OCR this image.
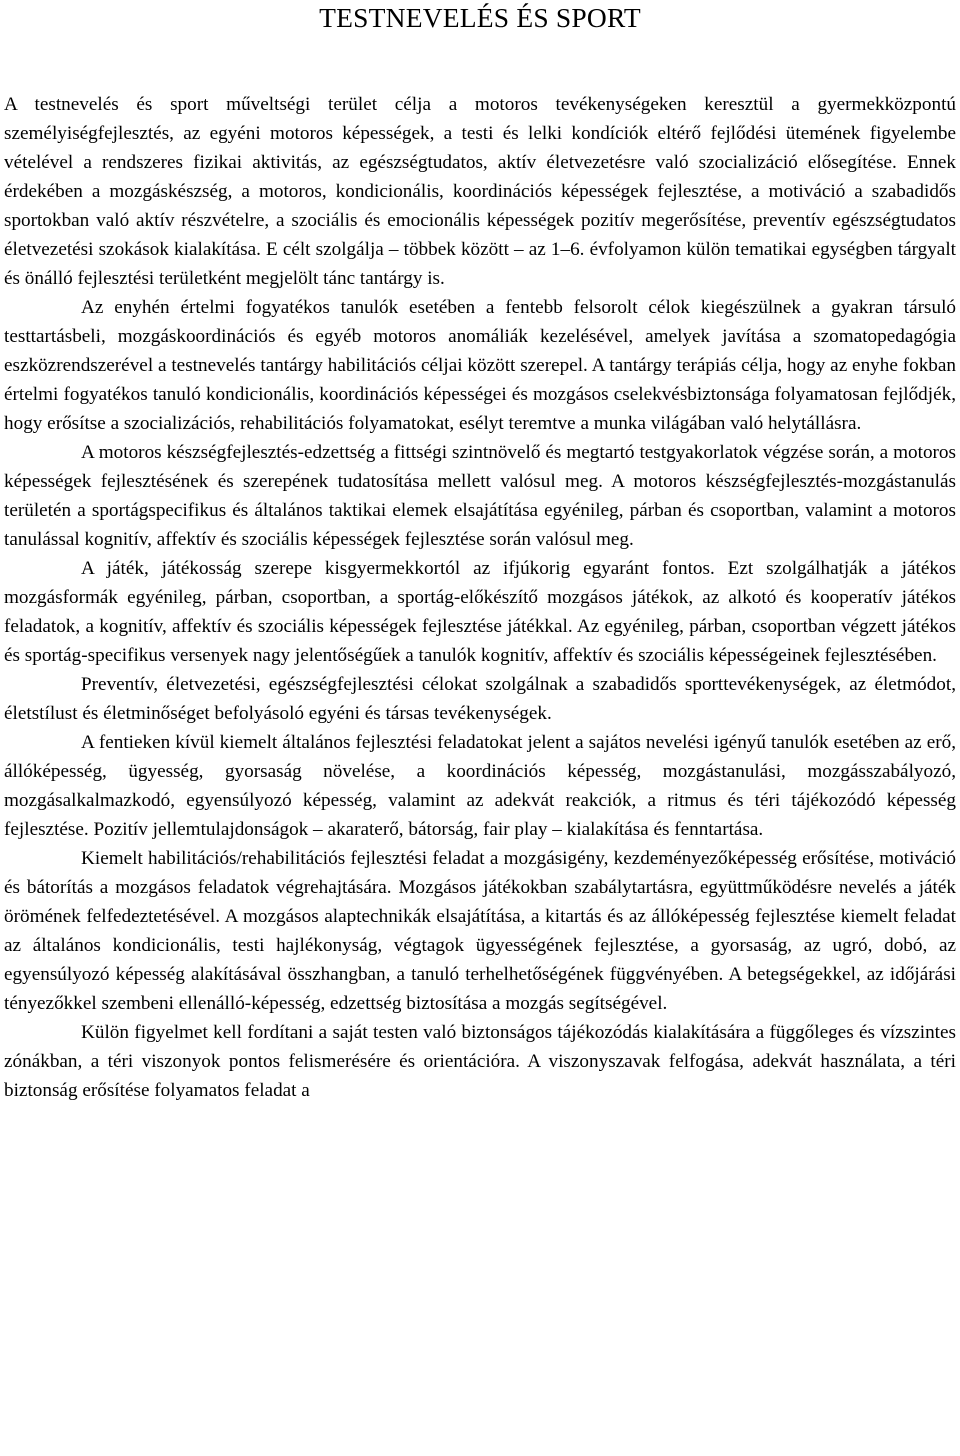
TESTNEVELÉS ÉS SPORT

A testnevelés és sport műveltségi terület célja a motoros tevékenységeken keresztül a gyermekközpontú személyiségfejlesztés, az egyéni motoros képességek, a testi és lelki kondíciók eltérő fejlődési ütemének figyelembe vételével a rendszeres fizikai aktivitás, az egészségtudatos, aktív életvezetésre való szocializáció elősegítése. Ennek érdekében a mozgáskészség, a motoros, kondicionális, koordinációs képességek fejlesztése, a motiváció a szabadidős sportokban való aktív részvételre, a szociális és emocionális képességek pozitív megerősítése, preventív egészségtudatos életvezetési szokások kialakítása. E célt szolgálja – többek között – az 1–6. évfolyamon külön tematikai egységben tárgyalt és önálló fejlesztési területként megjelölt tánc tantárgy is.

Az enyhén értelmi fogyatékos tanulók esetében a fentebb felsorolt célok kiegészülnek a gyakran társuló testtartásbeli, mozgáskoordinációs és egyéb motoros anomáliák kezelésével, amelyek javítása a szomatopedagógia eszközrendszerével a testnevelés tantárgy habilitációs céljai között szerepel. A tantárgy terápiás célja, hogy az enyhe fokban értelmi fogyatékos tanuló kondicionális, koordinációs képességei és mozgásos cselekvésbiztonsága folyamatosan fejlődjék, hogy erősítse a szocializációs, rehabilitációs folyamatokat, esélyt teremtve a munka világában való helytállásra.

A motoros készségfejlesztés-edzettség a fittségi szintnövelő és megtartó testgyakorlatok végzése során, a motoros képességek fejlesztésének és szerepének tudatosítása mellett valósul meg. A motoros készségfejlesztés-mozgástanulás területén a sportágspecifikus és általános taktikai elemek elsajátítása egyénileg, párban és csoportban, valamint a motoros tanulással kognitív, affektív és szociális képességek fejlesztése során valósul meg.

A játék, játékosság szerepe kisgyermekkortól az ifjúkorig egyaránt fontos. Ezt szolgálhatják a játékos mozgásformák egyénileg, párban, csoportban, a sportág-előkészítő mozgásos játékok, az alkotó és kooperatív játékos feladatok, a kognitív, affektív és szociális képességek fejlesztése játékkal. Az egyénileg, párban, csoportban végzett játékos és sportág-specifikus versenyek nagy jelentőségűek a tanulók kognitív, affektív és szociális képességeinek fejlesztésében.

Preventív, életvezetési, egészségfejlesztési célokat szolgálnak a szabadidős sporttevékenységek, az életmódot, életstílust és életminőséget befolyásoló egyéni és társas tevékenységek.

A fentieken kívül kiemelt általános fejlesztési feladatokat jelent a sajátos nevelési igényű tanulók esetében az erő, állóképesség, ügyesség, gyorsaság növelése, a koordinációs képesség, mozgástanulási, mozgásszabályozó, mozgásalkalmazkodó, egyensúlyozó képesség, valamint az adekvát reakciók, a ritmus és téri tájékozódó képesség fejlesztése. Pozitív jellemtulajdonságok – akaraterő, bátorság, fair play – kialakítása és fenntartása.

Kiemelt habilitációs/rehabilitációs fejlesztési feladat a mozgásigény, kezdeményezőképesség erősítése, motiváció és bátorítás a mozgásos feladatok végrehajtására. Mozgásos játékokban szabálytartásra, együttműködésre nevelés a játék örömének felfedeztetésével. A mozgásos alaptechnikák elsajátítása, a kitartás és az állóképesség fejlesztése kiemelt feladat az általános kondicionális, testi hajlékonyság, végtagok ügyességének fejlesztése, a gyorsaság, az ugró, dobó, az egyensúlyozó képesség alakításával összhangban, a tanuló terhelhetőségének függvényében. A betegségekkel, az időjárási tényezőkkel szembeni ellenálló-képesség, edzettség biztosítása a mozgás segítségével.

Külön figyelmet kell fordítani a saját testen való biztonságos tájékozódás kialakítására a függőleges és vízszintes zónákban, a téri viszonyok pontos felismerésére és orientációra. A viszonyszavak felfogása, adekvát használata, a téri biztonság erősítése folyamatos feladat a
